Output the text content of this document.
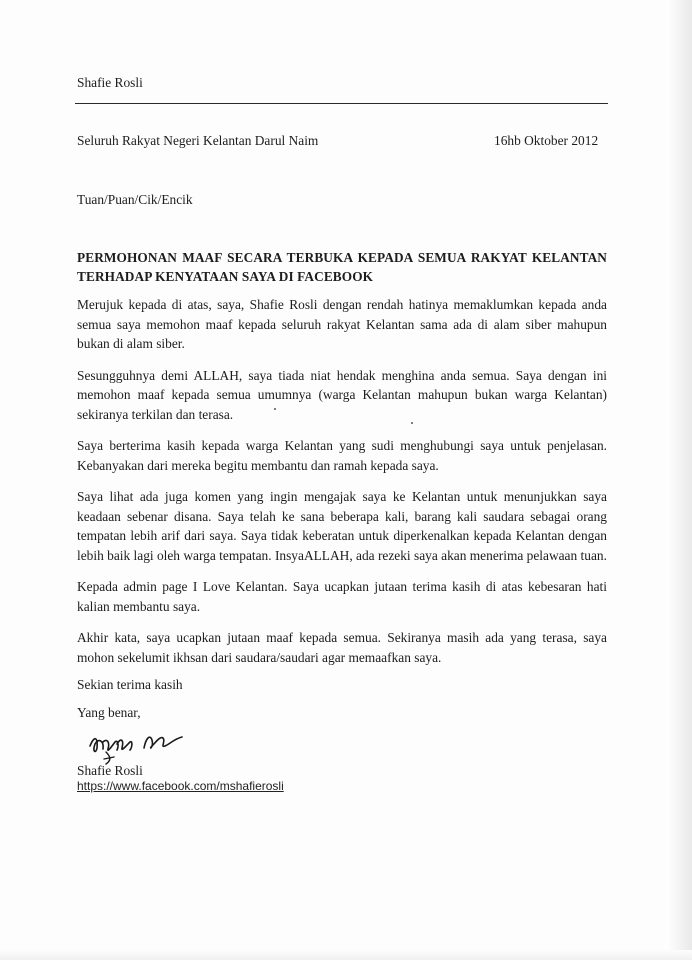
Shafie Rosli
Seluruh Rakyat Negeri Kelantan Darul Naim	16hb Oktober 2012
Tuan/Puan/Cik/Encik
PERMOHONAN MAAF SECARA TERBUKA KEPADA SEMUA RAKYAT KELANTAN TERHADAP KENYATAAN SAYA DI FACEBOOK

Merujuk kepada di atas, saya, Shafie Rosli dengan rendah hatinya memaklumkan kepada anda semua saya memohon maaf kepada seluruh rakyat Kelantan sama ada di alam siber mahupun bukan di alam siber.

Sesungguhnya demi ALLAH, saya tiada niat hendak menghina anda semua. Saya dengan ini memohon maaf kepada semua umumnya (warga Kelantan mahupun bukan warga Kelantan) sekiranya terkilan dan terasa.

Saya berterima kasih kepada warga Kelantan yang sudi menghubungi saya untuk penjelasan. Kebanyakan dari mereka begitu membantu dan ramah kepada saya.

Saya lihat ada juga komen yang ingin mengajak saya ke Kelantan untuk menunjukkan saya keadaan sebenar disana. Saya telah ke sana beberapa kali, barang kali saudara sebagai orang tempatan lebih arif dari saya. Saya tidak keberatan untuk diperkenalkan kepada Kelantan dengan lebih baik lagi oleh warga tempatan. InsyaALLAH, ada rezeki saya akan menerima pelawaan tuan.

Kepada admin page I Love Kelantan. Saya ucapkan jutaan terima kasih di atas kebesaran hati kalian membantu saya.

Akhir kata, saya ucapkan jutaan maaf kepada semua. Sekiranya masih ada yang terasa, saya mohon sekelumit ikhsan dari saudara/saudari agar memaafkan saya.

Sekian terima kasih
Yang benar,
Shafie Rosli
https://www.facebook.com/mshafierosli
